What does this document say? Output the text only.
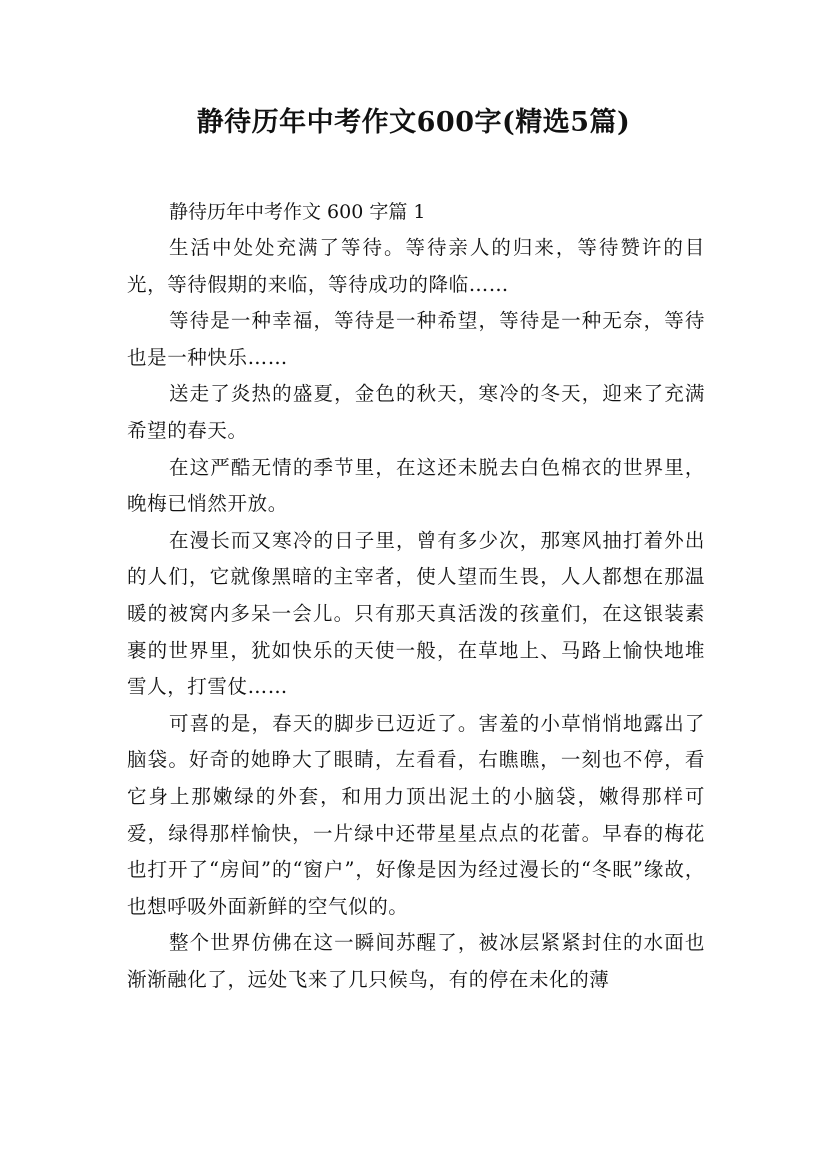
静待历年中考作文600字(精选5篇)

静待历年中考作文 600 字篇 1

生活中处处充满了等待。等待亲人的归来，等待赞许的目光，等待假期的来临，等待成功的降临……

等待是一种幸福，等待是一种希望，等待是一种无奈，等待也是一种快乐……

送走了炎热的盛夏，金色的秋天，寒冷的冬天，迎来了充满希望的春天。

在这严酷无情的季节里，在这还未脱去白色棉衣的世界里，晚梅已悄然开放。

在漫长而又寒冷的日子里，曾有多少次，那寒风抽打着外出的人们，它就像黑暗的主宰者，使人望而生畏，人人都想在那温暖的被窝内多呆一会儿。只有那天真活泼的孩童们，在这银装素裹的世界里，犹如快乐的天使一般，在草地上、马路上愉快地堆雪人，打雪仗……

可喜的是，春天的脚步已迈近了。害羞的小草悄悄地露出了脑袋。好奇的她睁大了眼睛，左看看，右瞧瞧，一刻也不停，看它身上那嫩绿的外套，和用力顶出泥土的小脑袋，嫩得那样可爱，绿得那样愉快，一片绿中还带星星点点的花蕾。早春的梅花也打开了“房间”的“窗户”，好像是因为经过漫长的“冬眠”缘故，也想呼吸外面新鲜的空气似的。

整个世界仿佛在这一瞬间苏醒了，被冰层紧紧封住的水面也渐渐融化了，远处飞来了几只候鸟，有的停在未化的薄
